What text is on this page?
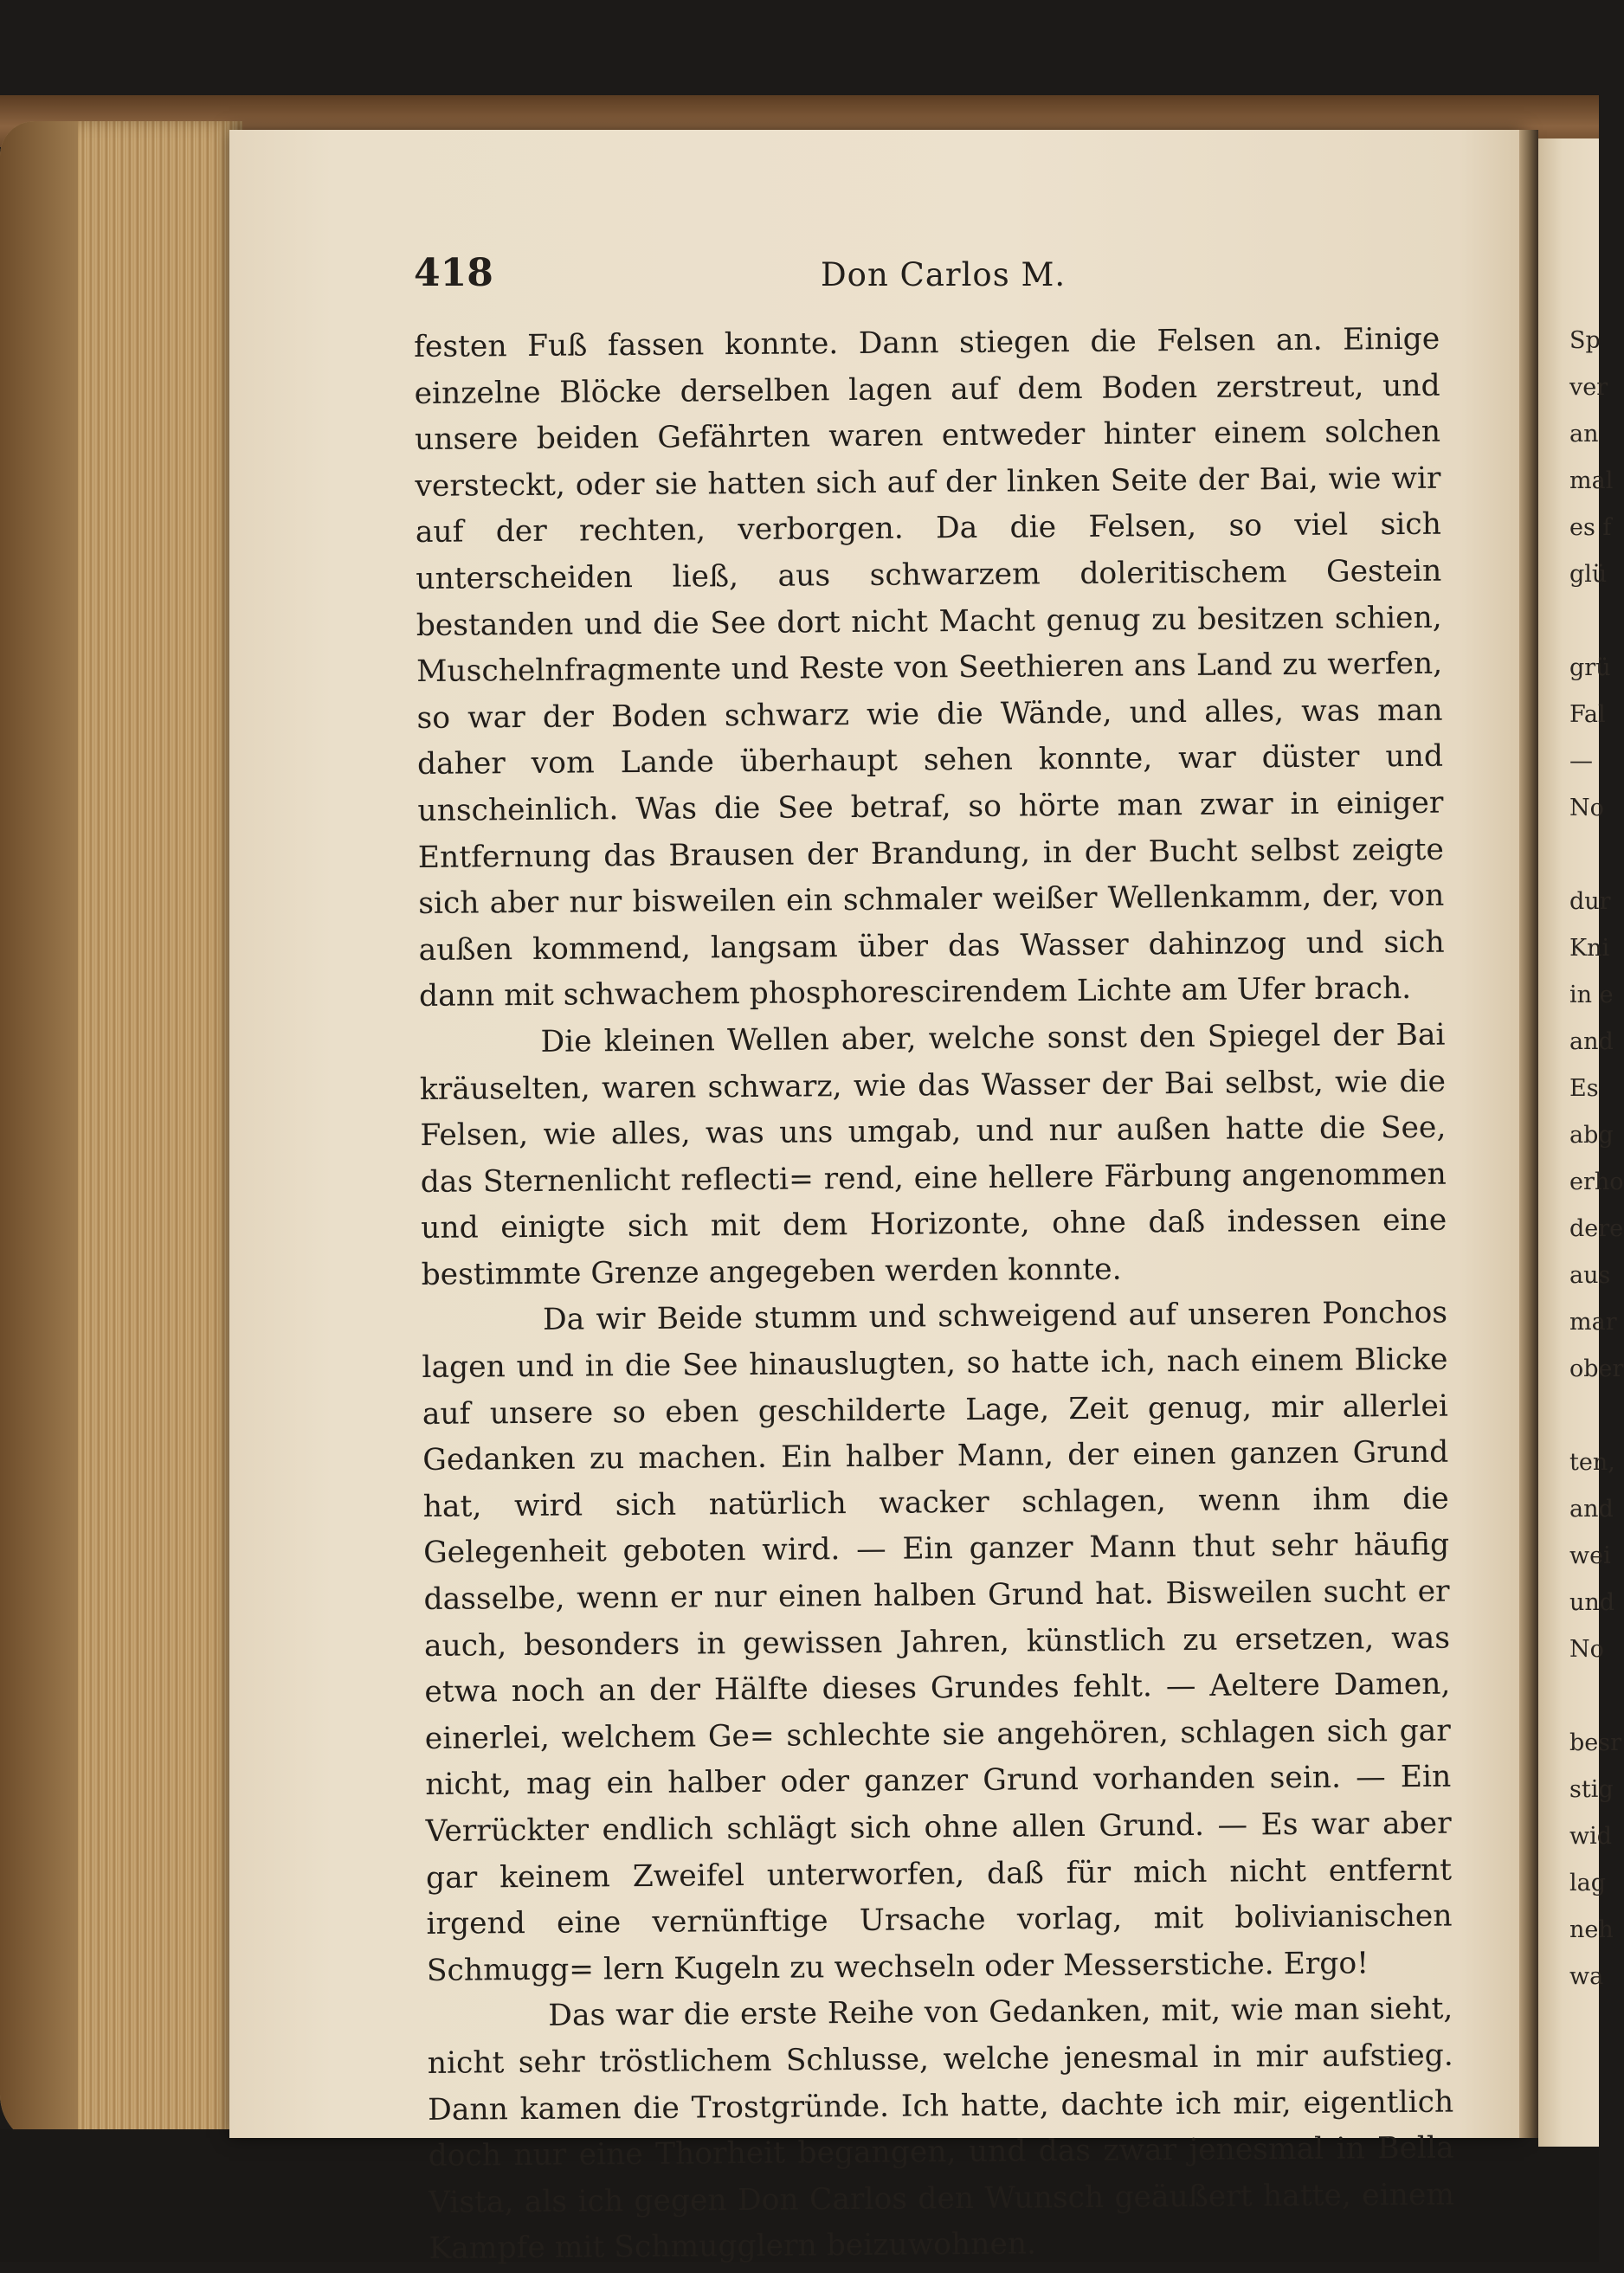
Sp
ver
an
mal
es f
glü
grü
Fal
—
No
dur
Kni
in e
and
Es
abg
erho
dere
aus
mar
ober
ten,
and
wei
und
No
besr
stig
wid
lag
neh
wa
418	Don Carlos M.

festen Fuß fassen konnte. Dann stiegen die Felsen an. Einige einzelne Blöcke derselben lagen auf dem Boden zerstreut, und unsere beiden Gefährten waren entweder hinter einem solchen versteckt, oder sie hatten sich auf der linken Seite der Bai, wie wir auf der rechten, verborgen. Da die Felsen, so viel sich unterscheiden ließ, aus schwarzem doleritischem Gestein bestanden und die See dort nicht Macht genug zu besitzen schien, Muschelnfragmente und Reste von Seethieren ans Land zu werfen, so war der Boden schwarz wie die Wände, und alles, was man daher vom Lande überhaupt sehen konnte, war düster und unscheinlich. Was die See betraf, so hörte man zwar in einiger Entfernung das Brausen der Brandung, in der Bucht selbst zeigte sich aber nur bisweilen ein schmaler weißer Wellenkamm, der, von außen kommend, langsam über das Wasser dahinzog und sich dann mit schwachem phosphorescirendem Lichte am Ufer brach.

Die kleinen Wellen aber, welche sonst den Spiegel der Bai kräuselten, waren schwarz, wie das Wasser der Bai selbst, wie die Felsen, wie alles, was uns umgab, und nur außen hatte die See, das Sternenlicht reflecti= rend, eine hellere Färbung angenommen und einigte sich mit dem Horizonte, ohne daß indessen eine bestimmte Grenze angegeben werden konnte.

Da wir Beide stumm und schweigend auf unseren Ponchos lagen und in die See hinauslugten, so hatte ich, nach einem Blicke auf unsere so eben geschilderte Lage, Zeit genug, mir allerlei Gedanken zu machen. Ein halber Mann, der einen ganzen Grund hat, wird sich natürlich wacker schlagen, wenn ihm die Gelegenheit geboten wird. — Ein ganzer Mann thut sehr häufig dasselbe, wenn er nur einen halben Grund hat. Bisweilen sucht er auch, besonders in gewissen Jahren, künstlich zu ersetzen, was etwa noch an der Hälfte dieses Grundes fehlt. — Aeltere Damen, einerlei, welchem Ge= schlechte sie angehören, schlagen sich gar nicht, mag ein halber oder ganzer Grund vorhanden sein. — Ein Verrückter endlich schlägt sich ohne allen Grund. — Es war aber gar keinem Zweifel unterworfen, daß für mich nicht entfernt irgend eine vernünftige Ursache vorlag, mit bolivianischen Schmugg= lern Kugeln zu wechseln oder Messerstiche. Ergo!

Das war die erste Reihe von Gedanken, mit, wie man sieht, nicht sehr tröstlichem Schlusse, welche jenesmal in mir aufstieg. Dann kamen die Trostgründe. Ich hatte, dachte ich mir, eigentlich doch nur eine Thorheit begangen, und das zwar jenesmal in Bella Vista, als ich gegen Don Carlos den Wunsch geäußert hatte, einem Kampfe mit Schmugglern beizuwohnen.
